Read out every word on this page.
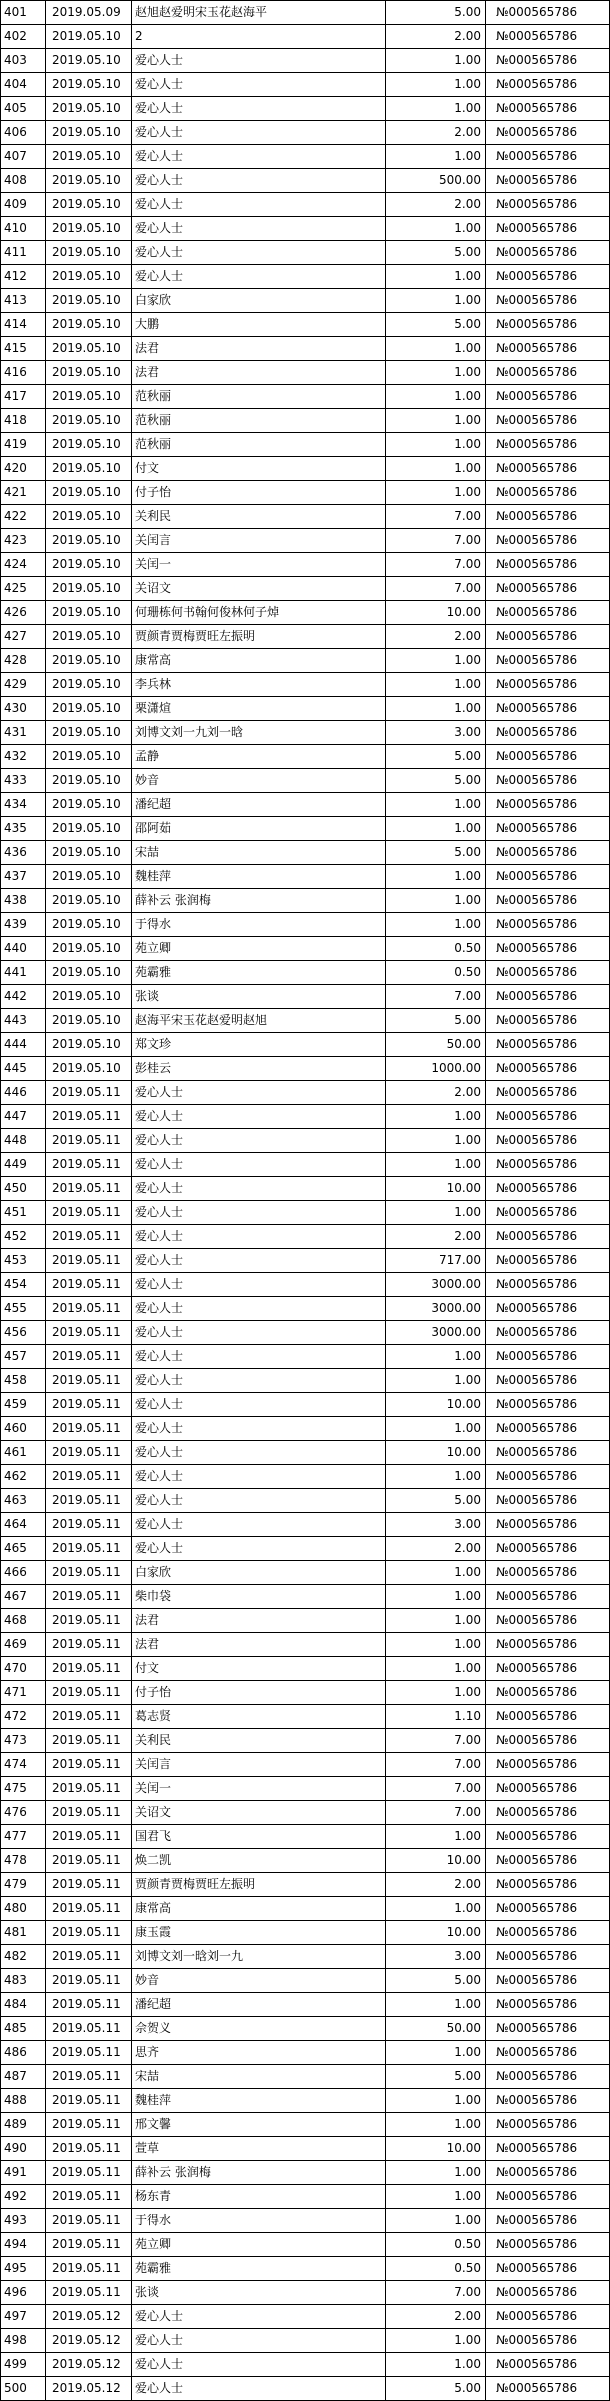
401	2019.05.09	赵旭赵爱明宋玉花赵海平	5.00	№000565786
402	2019.05.10	2	2.00	№000565786
403	2019.05.10	爱心人士	1.00	№000565786
404	2019.05.10	爱心人士	1.00	№000565786
405	2019.05.10	爱心人士	1.00	№000565786
406	2019.05.10	爱心人士	2.00	№000565786
407	2019.05.10	爱心人士	1.00	№000565786
408	2019.05.10	爱心人士	500.00	№000565786
409	2019.05.10	爱心人士	2.00	№000565786
410	2019.05.10	爱心人士	1.00	№000565786
411	2019.05.10	爱心人士	5.00	№000565786
412	2019.05.10	爱心人士	1.00	№000565786
413	2019.05.10	白家欣	1.00	№000565786
414	2019.05.10	大鹏	5.00	№000565786
415	2019.05.10	法君	1.00	№000565786
416	2019.05.10	法君	1.00	№000565786
417	2019.05.10	范秋丽	1.00	№000565786
418	2019.05.10	范秋丽	1.00	№000565786
419	2019.05.10	范秋丽	1.00	№000565786
420	2019.05.10	付文	1.00	№000565786
421	2019.05.10	付子怡	1.00	№000565786
422	2019.05.10	关利民	7.00	№000565786
423	2019.05.10	关闰言	7.00	№000565786
424	2019.05.10	关闰一	7.00	№000565786
425	2019.05.10	关诏文	7.00	№000565786
426	2019.05.10	何珊栋何书翰何俊林何子焯	10.00	№000565786
427	2019.05.10	贾颜青贾梅贾旺左振明	2.00	№000565786
428	2019.05.10	康常高	1.00	№000565786
429	2019.05.10	李兵林	1.00	№000565786
430	2019.05.10	栗潇煊	1.00	№000565786
431	2019.05.10	刘博文刘一九刘一晗	3.00	№000565786
432	2019.05.10	孟静	5.00	№000565786
433	2019.05.10	妙音	5.00	№000565786
434	2019.05.10	潘纪超	1.00	№000565786
435	2019.05.10	邵阿茹	1.00	№000565786
436	2019.05.10	宋喆	5.00	№000565786
437	2019.05.10	魏桂萍	1.00	№000565786
438	2019.05.10	薛补云 张润梅	1.00	№000565786
439	2019.05.10	于得水	1.00	№000565786
440	2019.05.10	苑立卿	0.50	№000565786
441	2019.05.10	苑霸雅	0.50	№000565786
442	2019.05.10	张谈	7.00	№000565786
443	2019.05.10	赵海平宋玉花赵爱明赵旭	5.00	№000565786
444	2019.05.10	郑文珍	50.00	№000565786
445	2019.05.10	彭桂云	1000.00	№000565786
446	2019.05.11	爱心人士	2.00	№000565786
447	2019.05.11	爱心人士	1.00	№000565786
448	2019.05.11	爱心人士	1.00	№000565786
449	2019.05.11	爱心人士	1.00	№000565786
450	2019.05.11	爱心人士	10.00	№000565786
451	2019.05.11	爱心人士	1.00	№000565786
452	2019.05.11	爱心人士	2.00	№000565786
453	2019.05.11	爱心人士	717.00	№000565786
454	2019.05.11	爱心人士	3000.00	№000565786
455	2019.05.11	爱心人士	3000.00	№000565786
456	2019.05.11	爱心人士	3000.00	№000565786
457	2019.05.11	爱心人士	1.00	№000565786
458	2019.05.11	爱心人士	1.00	№000565786
459	2019.05.11	爱心人士	10.00	№000565786
460	2019.05.11	爱心人士	1.00	№000565786
461	2019.05.11	爱心人士	10.00	№000565786
462	2019.05.11	爱心人士	1.00	№000565786
463	2019.05.11	爱心人士	5.00	№000565786
464	2019.05.11	爱心人士	3.00	№000565786
465	2019.05.11	爱心人士	2.00	№000565786
466	2019.05.11	白家欣	1.00	№000565786
467	2019.05.11	柴巾袋	1.00	№000565786
468	2019.05.11	法君	1.00	№000565786
469	2019.05.11	法君	1.00	№000565786
470	2019.05.11	付文	1.00	№000565786
471	2019.05.11	付子怡	1.00	№000565786
472	2019.05.11	葛志贤	1.10	№000565786
473	2019.05.11	关利民	7.00	№000565786
474	2019.05.11	关闰言	7.00	№000565786
475	2019.05.11	关闰一	7.00	№000565786
476	2019.05.11	关诏文	7.00	№000565786
477	2019.05.11	国君飞	1.00	№000565786
478	2019.05.11	焕二凯	10.00	№000565786
479	2019.05.11	贾颜青贾梅贾旺左振明	2.00	№000565786
480	2019.05.11	康常高	1.00	№000565786
481	2019.05.11	康玉霞	10.00	№000565786
482	2019.05.11	刘博文刘一晗刘一九	3.00	№000565786
483	2019.05.11	妙音	5.00	№000565786
484	2019.05.11	潘纪超	1.00	№000565786
485	2019.05.11	佘贺义	50.00	№000565786
486	2019.05.11	思齐	1.00	№000565786
487	2019.05.11	宋喆	5.00	№000565786
488	2019.05.11	魏桂萍	1.00	№000565786
489	2019.05.11	邢文馨	1.00	№000565786
490	2019.05.11	萱草	10.00	№000565786
491	2019.05.11	薛补云 张润梅	1.00	№000565786
492	2019.05.11	杨东青	1.00	№000565786
493	2019.05.11	于得水	1.00	№000565786
494	2019.05.11	苑立卿	0.50	№000565786
495	2019.05.11	苑霸雅	0.50	№000565786
496	2019.05.11	张谈	7.00	№000565786
497	2019.05.12	爱心人士	2.00	№000565786
498	2019.05.12	爱心人士	1.00	№000565786
499	2019.05.12	爱心人士	1.00	№000565786
500	2019.05.12	爱心人士	5.00	№000565786
